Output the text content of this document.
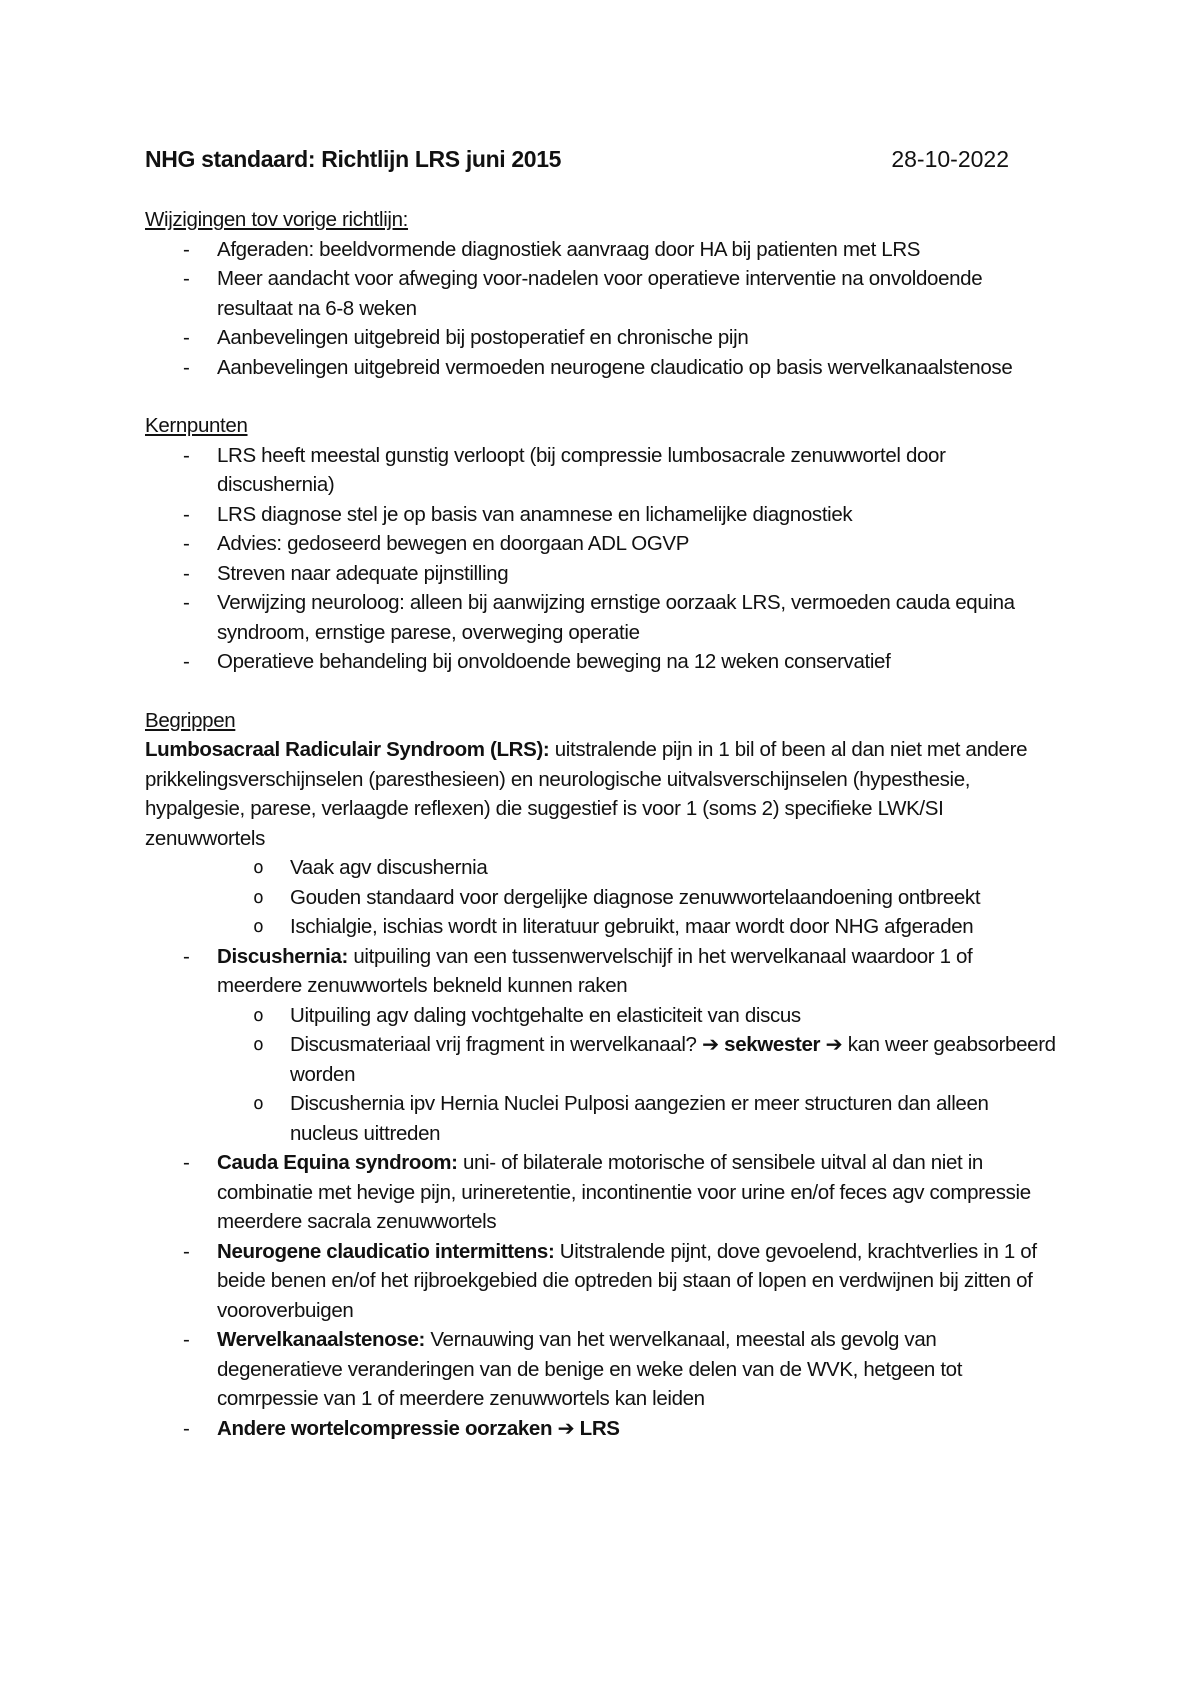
NHG standaard: Richtlijn LRS juni 2015	28-10-2022
Wijzigingen tov vorige richtlijn:
- Afgeraden: beeldvormende diagnostiek aanvraag door HA bij patienten met LRS
- Meer aandacht voor afweging voor-nadelen voor operatieve interventie na onvoldoende resultaat na 6-8 weken
- Aanbevelingen uitgebreid bij postoperatief en chronische pijn
- Aanbevelingen uitgebreid vermoeden neurogene claudicatio op basis wervelkanaalstenose
Kernpunten
- LRS heeft meestal gunstig verloopt (bij compressie lumbosacrale zenuwwortel door discushernia)
- LRS diagnose stel je op basis van anamnese en lichamelijke diagnostiek
- Advies: gedoseerd bewegen en doorgaan ADL OGVP
- Streven naar adequate pijnstilling
- Verwijzing neuroloog: alleen bij aanwijzing ernstige oorzaak LRS, vermoeden cauda equina syndroom, ernstige parese, overweging operatie
- Operatieve behandeling bij onvoldoende beweging na 12 weken conservatief
Begrippen

Lumbosacraal Radiculair Syndroom (LRS): uitstralende pijn in 1 bil of been al dan niet met andere prikkelingsverschijnselen (paresthesieen) en neurologische uitvalsverschijnselen (hypesthesie, hypalgesie, parese, verlaagde reflexen) die suggestief is voor 1 (soms 2) specifieke LWK/SI zenuwwortels

o Vaak agv discushernia
o Gouden standaard voor dergelijke diagnose zenuwwortelaandoening ontbreekt
o Ischialgie, ischias wordt in literatuur gebruikt, maar wordt door NHG afgeraden
- Discushernia: uitpuiling van een tussenwervelschijf in het wervelkanaal waardoor 1 of meerdere zenuwwortels bekneld kunnen raken
o Uitpuiling agv daling vochtgehalte en elasticiteit van discus
o Discusmateriaal vrij fragment in wervelkanaal? ➔ sekwester ➔ kan weer geabsorbeerd worden
o Discushernia ipv Hernia Nuclei Pulposi aangezien er meer structuren dan alleen nucleus uittreden
- Cauda Equina syndroom: uni- of bilaterale motorische of sensibele uitval al dan niet in combinatie met hevige pijn, urineretentie, incontinentie voor urine en/of feces agv compressie meerdere sacrala zenuwwortels
- Neurogene claudicatio intermittens: Uitstralende pijnt, dove gevoelend, krachtverlies in 1 of beide benen en/of het rijbroekgebied die optreden bij staan of lopen en verdwijnen bij zitten of vooroverbuigen
- Wervelkanaalstenose: Vernauwing van het wervelkanaal, meestal als gevolg van degeneratieve veranderingen van de benige en weke delen van de WVK, hetgeen tot comrpessie van 1 of meerdere zenuwwortels kan leiden
- Andere wortelcompressie oorzaken ➔ LRS
